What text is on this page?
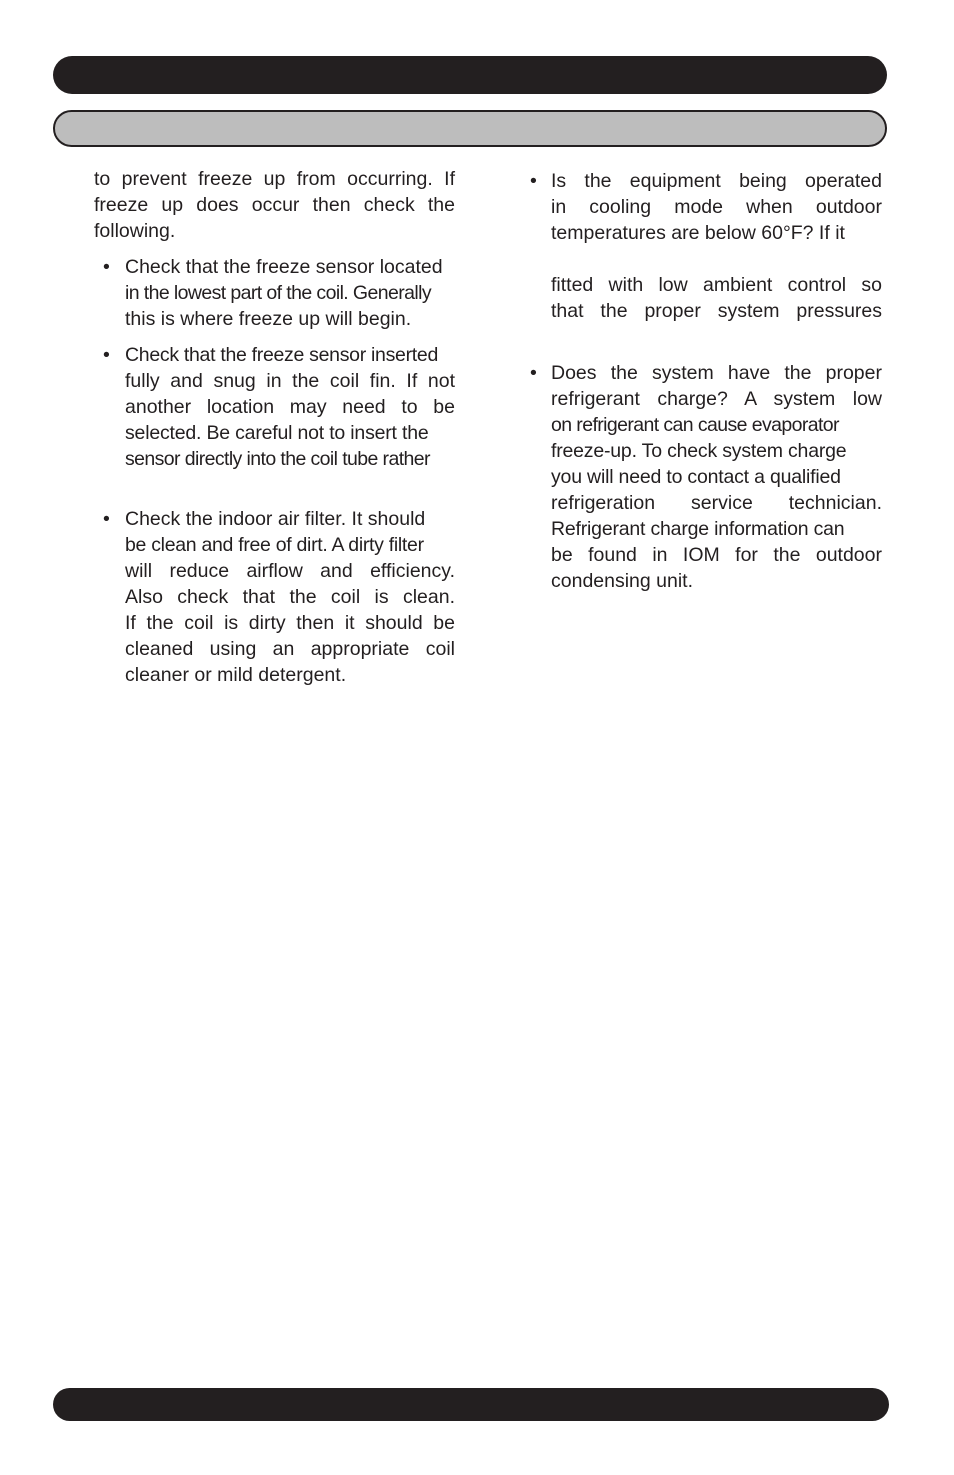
to prevent freeze up from occurring. If freeze up does occur then check the following.

• Check that the freeze sensor located
in the lowest part of the coil. Generally
this is where freeze up will begin.
• Check that the freeze sensor inserted
fully and snug in the coil fin. If not
another location may need to be
selected. Be careful not to insert the
sensor directly into the coil tube rather
• Check the indoor air filter. It should
be clean and free of dirt. A dirty filter
will reduce airflow and efficiency.
Also check that the coil is clean.
If the coil is dirty then it should be
cleaned using an appropriate coil
cleaner or mild detergent.
• Is the equipment being operated
in cooling mode when outdoor
temperatures are below 60°F? If it
fitted with low ambient control so
that the proper system pressures
• Does the system have the proper
refrigerant charge? A system low
on refrigerant can cause evaporator
freeze-up. To check system charge
you will need to contact a qualified
refrigeration service technician.
Refrigerant charge information can
be found in IOM for the outdoor
condensing unit.
